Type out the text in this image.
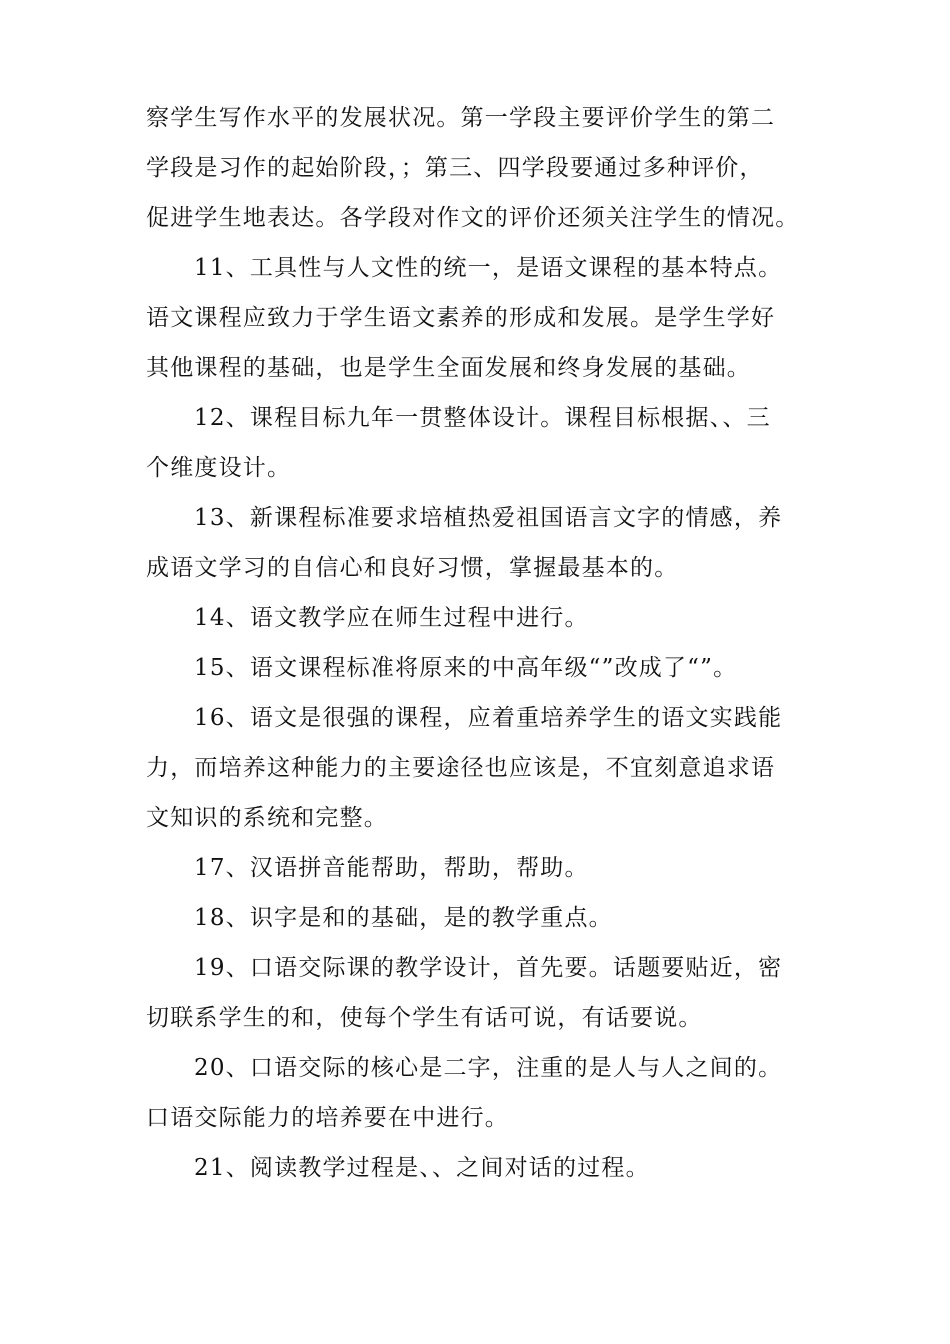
察学生写作水平的发展状况。第一学段主要评价学生的第二
学段是习作的起始阶段，；第三、四学段要通过多种评价，
促进学生地表达。各学段对作文的评价还须关注学生的情况。
11、工具性与人文性的统一，是语文课程的基本特点。
语文课程应致力于学生语文素养的形成和发展。是学生学好
其他课程的基础，也是学生全面发展和终身发展的基础。
12、课程目标九年一贯整体设计。课程目标根据、、三
个维度设计。
13、新课程标准要求培植热爱祖国语言文字的情感，养
成语文学习的自信心和良好习惯，掌握最基本的。
14、语文教学应在师生过程中进行。
15、语文课程标准将原来的中高年级“”改成了“”。
16、语文是很强的课程，应着重培养学生的语文实践能
力，而培养这种能力的主要途径也应该是，不宜刻意追求语
文知识的系统和完整。
17、汉语拼音能帮助，帮助，帮助。
18、识字是和的基础，是的教学重点。
19、口语交际课的教学设计，首先要。话题要贴近，密
切联系学生的和，使每个学生有话可说，有话要说。
20、口语交际的核心是二字，注重的是人与人之间的。
口语交际能力的培养要在中进行。
21、阅读教学过程是、、之间对话的过程。
